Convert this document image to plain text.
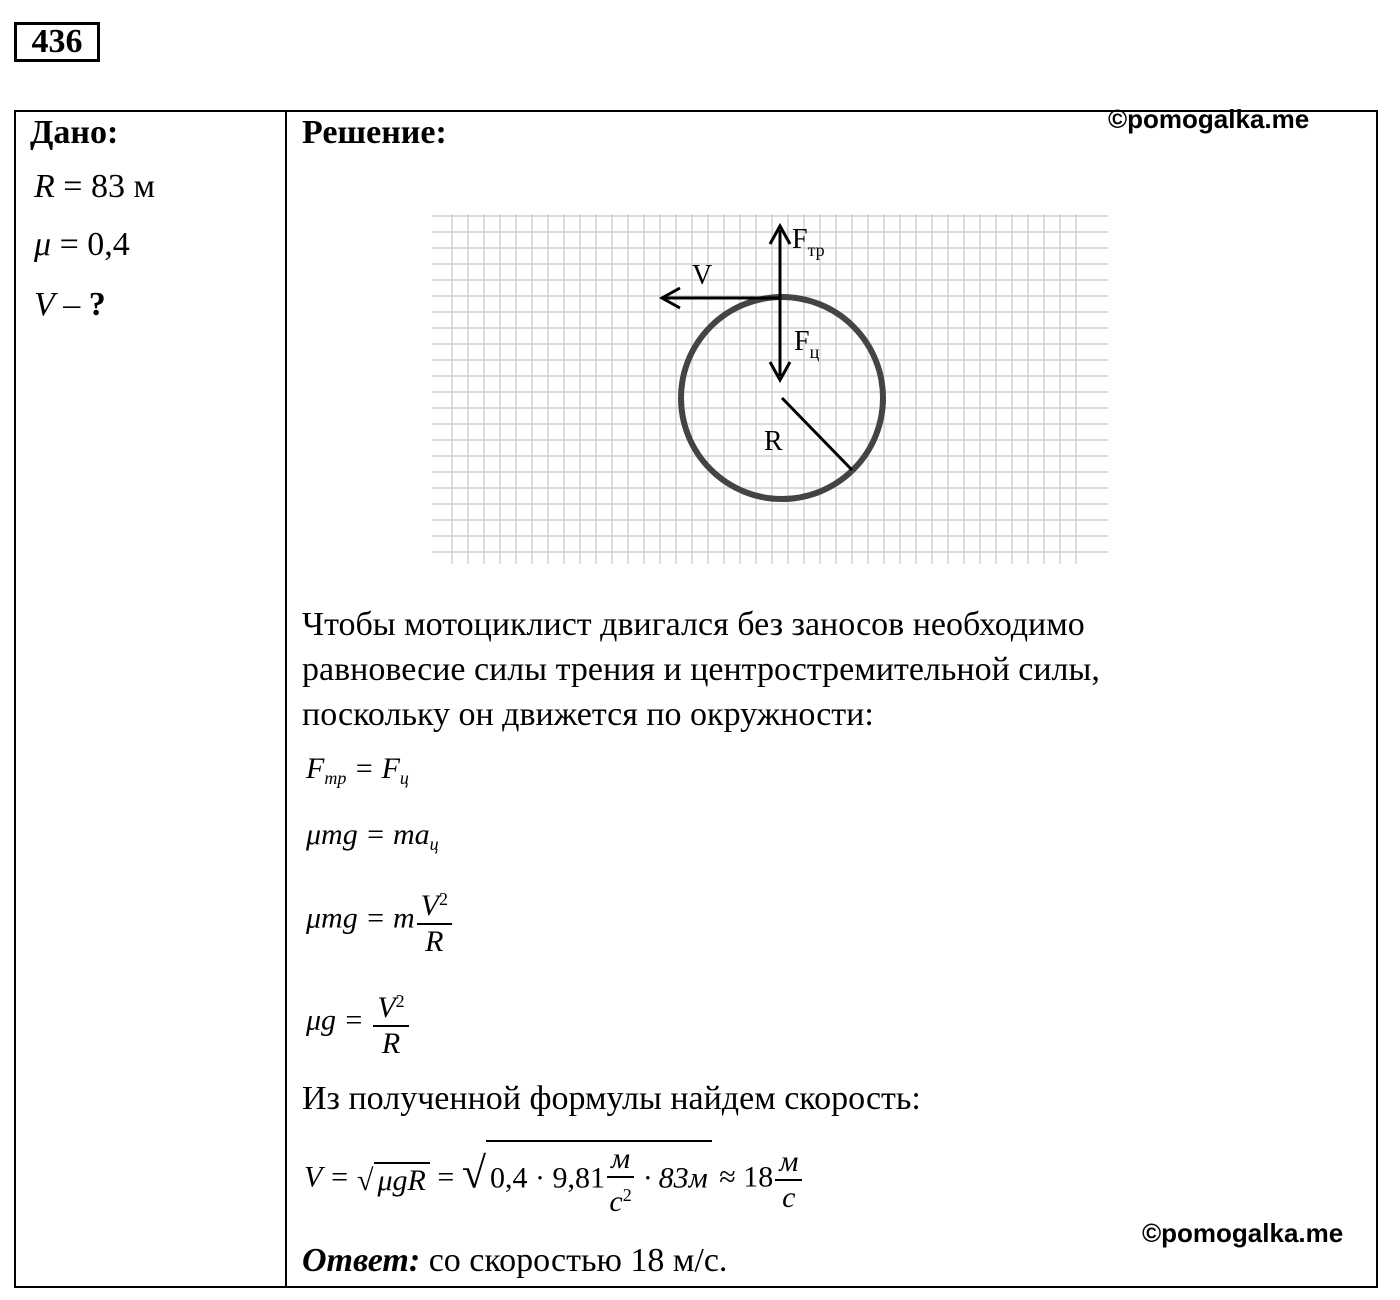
436
Дано:
R = 83 м
μ = 0,4
V – ?
Решение:	©pomogalka.me
$F_{тр}$
$F_ц$
V
R
Чтобы мотоциклист двигался без заносов необходимо
равновесие силы трения и центростремительной силы,
поскольку он движется по окружности:
$F_{тр} = F_ц$
$\mu mg = ma_ц$
μmg = m $\frac{V^2}{R}$
$\mu g = \frac{V^2}{R}$
Из полученной формулы найдем скорость:
V = √ μgR = √ $0,4 \cdot 9,81 \frac{м}{с^2} \cdot 83м \approx 18 \frac{м}{с}$
©pomogalka.me
Ответ: со скоростью 18 м/с.
